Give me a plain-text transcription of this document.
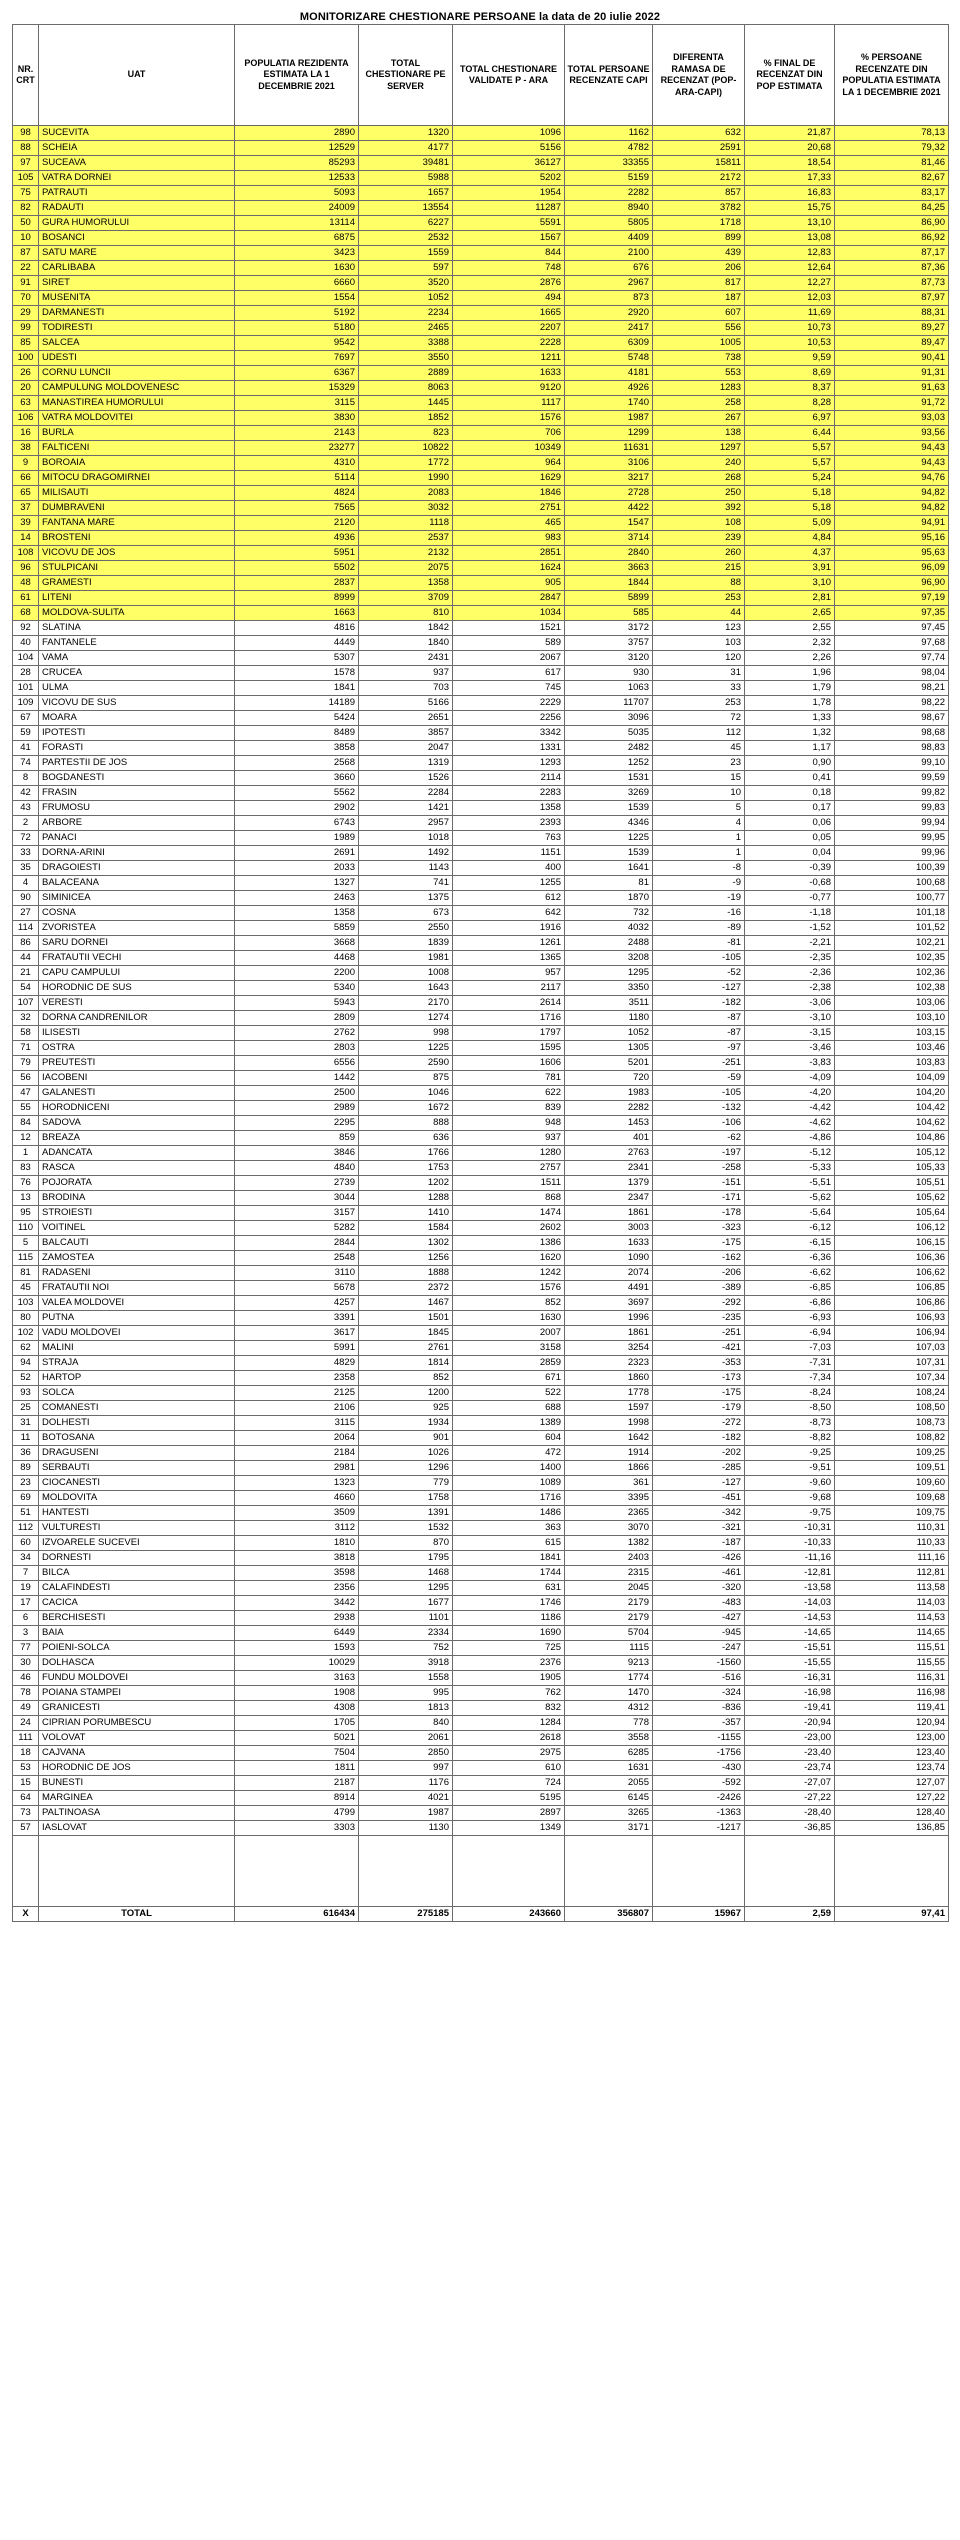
MONITORIZARE CHESTIONARE PERSOANE la data de 20 iulie 2022
NR. CRT	UAT	POPULATIA REZIDENTA ESTIMATA LA 1 DECEMBRIE 2021	TOTAL CHESTIONARE PE SERVER	TOTAL CHESTIONARE VALIDATE P - ARA	TOTAL PERSOANE RECENZATE CAPI	DIFERENTA RAMASA DE RECENZAT (POP-ARA-CAPI)	% FINAL DE RECENZAT DIN POP ESTIMATA	% PERSOANE RECENZATE DIN POPULATIA ESTIMATA LA 1 DECEMBRIE 2021
98	SUCEVITA	2890	1320	1096	1162	632	21,87	78,13
88	SCHEIA	12529	4177	5156	4782	2591	20,68	79,32
97	SUCEAVA	85293	39481	36127	33355	15811	18,54	81,46
105	VATRA DORNEI	12533	5988	5202	5159	2172	17,33	82,67
75	PATRAUTI	5093	1657	1954	2282	857	16,83	83,17
82	RADAUTI	24009	13554	11287	8940	3782	15,75	84,25
50	GURA HUMORULUI	13114	6227	5591	5805	1718	13,10	86,90
10	BOSANCI	6875	2532	1567	4409	899	13,08	86,92
87	SATU MARE	3423	1559	844	2100	439	12,83	87,17
22	CARLIBABA	1630	597	748	676	206	12,64	87,36
91	SIRET	6660	3520	2876	2967	817	12,27	87,73
70	MUSENITA	1554	1052	494	873	187	12,03	87,97
29	DARMANESTI	5192	2234	1665	2920	607	11,69	88,31
99	TODIRESTI	5180	2465	2207	2417	556	10,73	89,27
85	SALCEA	9542	3388	2228	6309	1005	10,53	89,47
100	UDESTI	7697	3550	1211	5748	738	9,59	90,41
26	CORNU LUNCII	6367	2889	1633	4181	553	8,69	91,31
20	CAMPULUNG MOLDOVENESC	15329	8063	9120	4926	1283	8,37	91,63
63	MANASTIREA HUMORULUI	3115	1445	1117	1740	258	8,28	91,72
106	VATRA MOLDOVITEI	3830	1852	1576	1987	267	6,97	93,03
16	BURLA	2143	823	706	1299	138	6,44	93,56
38	FALTICENI	23277	10822	10349	11631	1297	5,57	94,43
9	BOROAIA	4310	1772	964	3106	240	5,57	94,43
66	MITOCU DRAGOMIRNEI	5114	1990	1629	3217	268	5,24	94,76
65	MILISAUTI	4824	2083	1846	2728	250	5,18	94,82
37	DUMBRAVENI	7565	3032	2751	4422	392	5,18	94,82
39	FANTANA MARE	2120	1118	465	1547	108	5,09	94,91
14	BROSTENI	4936	2537	983	3714	239	4,84	95,16
108	VICOVU DE JOS	5951	2132	2851	2840	260	4,37	95,63
96	STULPICANI	5502	2075	1624	3663	215	3,91	96,09
48	GRAMESTI	2837	1358	905	1844	88	3,10	96,90
61	LITENI	8999	3709	2847	5899	253	2,81	97,19
68	MOLDOVA-SULITA	1663	810	1034	585	44	2,65	97,35
92	SLATINA	4816	1842	1521	3172	123	2,55	97,45
40	FANTANELE	4449	1840	589	3757	103	2,32	97,68
104	VAMA	5307	2431	2067	3120	120	2,26	97,74
28	CRUCEA	1578	937	617	930	31	1,96	98,04
101	ULMA	1841	703	745	1063	33	1,79	98,21
109	VICOVU DE SUS	14189	5166	2229	11707	253	1,78	98,22
67	MOARA	5424	2651	2256	3096	72	1,33	98,67
59	IPOTESTI	8489	3857	3342	5035	112	1,32	98,68
41	FORASTI	3858	2047	1331	2482	45	1,17	98,83
74	PARTESTII DE JOS	2568	1319	1293	1252	23	0,90	99,10
8	BOGDANESTI	3660	1526	2114	1531	15	0,41	99,59
42	FRASIN	5562	2284	2283	3269	10	0,18	99,82
43	FRUMOSU	2902	1421	1358	1539	5	0,17	99,83
2	ARBORE	6743	2957	2393	4346	4	0,06	99,94
72	PANACI	1989	1018	763	1225	1	0,05	99,95
33	DORNA-ARINI	2691	1492	1151	1539	1	0,04	99,96
35	DRAGOIESTI	2033	1143	400	1641	-8	-0,39	100,39
4	BALACEANA	1327	741	1255	81	-9	-0,68	100,68
90	SIMINICEA	2463	1375	612	1870	-19	-0,77	100,77
27	COSNA	1358	673	642	732	-16	-1,18	101,18
114	ZVORISTEA	5859	2550	1916	4032	-89	-1,52	101,52
86	SARU DORNEI	3668	1839	1261	2488	-81	-2,21	102,21
44	FRATAUTII VECHI	4468	1981	1365	3208	-105	-2,35	102,35
21	CAPU CAMPULUI	2200	1008	957	1295	-52	-2,36	102,36
54	HORODNIC DE SUS	5340	1643	2117	3350	-127	-2,38	102,38
107	VERESTI	5943	2170	2614	3511	-182	-3,06	103,06
32	DORNA CANDRENILOR	2809	1274	1716	1180	-87	-3,10	103,10
58	ILISESTI	2762	998	1797	1052	-87	-3,15	103,15
71	OSTRA	2803	1225	1595	1305	-97	-3,46	103,46
79	PREUTESTI	6556	2590	1606	5201	-251	-3,83	103,83
56	IACOBENI	1442	875	781	720	-59	-4,09	104,09
47	GALANESTI	2500	1046	622	1983	-105	-4,20	104,20
55	HORODNICENI	2989	1672	839	2282	-132	-4,42	104,42
84	SADOVA	2295	888	948	1453	-106	-4,62	104,62
12	BREAZA	859	636	937	401	-62	-4,86	104,86
1	ADANCATA	3846	1766	1280	2763	-197	-5,12	105,12
83	RASCA	4840	1753	2757	2341	-258	-5,33	105,33
76	POJORATA	2739	1202	1511	1379	-151	-5,51	105,51
13	BRODINA	3044	1288	868	2347	-171	-5,62	105,62
95	STROIESTI	3157	1410	1474	1861	-178	-5,64	105,64
110	VOITINEL	5282	1584	2602	3003	-323	-6,12	106,12
5	BALCAUTI	2844	1302	1386	1633	-175	-6,15	106,15
115	ZAMOSTEA	2548	1256	1620	1090	-162	-6,36	106,36
81	RADASENI	3110	1888	1242	2074	-206	-6,62	106,62
45	FRATAUTII NOI	5678	2372	1576	4491	-389	-6,85	106,85
103	VALEA MOLDOVEI	4257	1467	852	3697	-292	-6,86	106,86
80	PUTNA	3391	1501	1630	1996	-235	-6,93	106,93
102	VADU MOLDOVEI	3617	1845	2007	1861	-251	-6,94	106,94
62	MALINI	5991	2761	3158	3254	-421	-7,03	107,03
94	STRAJA	4829	1814	2859	2323	-353	-7,31	107,31
52	HARTOP	2358	852	671	1860	-173	-7,34	107,34
93	SOLCA	2125	1200	522	1778	-175	-8,24	108,24
25	COMANESTI	2106	925	688	1597	-179	-8,50	108,50
31	DOLHESTI	3115	1934	1389	1998	-272	-8,73	108,73
11	BOTOSANA	2064	901	604	1642	-182	-8,82	108,82
36	DRAGUSENI	2184	1026	472	1914	-202	-9,25	109,25
89	SERBAUTI	2981	1296	1400	1866	-285	-9,51	109,51
23	CIOCANESTI	1323	779	1089	361	-127	-9,60	109,60
69	MOLDOVITA	4660	1758	1716	3395	-451	-9,68	109,68
51	HANTESTI	3509	1391	1486	2365	-342	-9,75	109,75
112	VULTURESTI	3112	1532	363	3070	-321	-10,31	110,31
60	IZVOARELE SUCEVEI	1810	870	615	1382	-187	-10,33	110,33
34	DORNESTI	3818	1795	1841	2403	-426	-11,16	111,16
7	BILCA	3598	1468	1744	2315	-461	-12,81	112,81
19	CALAFINDESTI	2356	1295	631	2045	-320	-13,58	113,58
17	CACICA	3442	1677	1746	2179	-483	-14,03	114,03
6	BERCHISESTI	2938	1101	1186	2179	-427	-14,53	114,53
3	BAIA	6449	2334	1690	5704	-945	-14,65	114,65
77	POIENI-SOLCA	1593	752	725	1115	-247	-15,51	115,51
30	DOLHASCA	10029	3918	2376	9213	-1560	-15,55	115,55
46	FUNDU MOLDOVEI	3163	1558	1905	1774	-516	-16,31	116,31
78	POIANA STAMPEI	1908	995	762	1470	-324	-16,98	116,98
49	GRANICESTI	4308	1813	832	4312	-836	-19,41	119,41
24	CIPRIAN PORUMBESCU	1705	840	1284	778	-357	-20,94	120,94
111	VOLOVAT	5021	2061	2618	3558	-1155	-23,00	123,00
18	CAJVANA	7504	2850	2975	6285	-1756	-23,40	123,40
53	HORODNIC DE JOS	1811	997	610	1631	-430	-23,74	123,74
15	BUNESTI	2187	1176	724	2055	-592	-27,07	127,07
64	MARGINEA	8914	4021	5195	6145	-2426	-27,22	127,22
73	PALTINOASA	4799	1987	2897	3265	-1363	-28,40	128,40
57	IASLOVAT	3303	1130	1349	3171	-1217	-36,85	136,85

X	TOTAL	616434	275185	243660	356807	15967	2,59	97,41
